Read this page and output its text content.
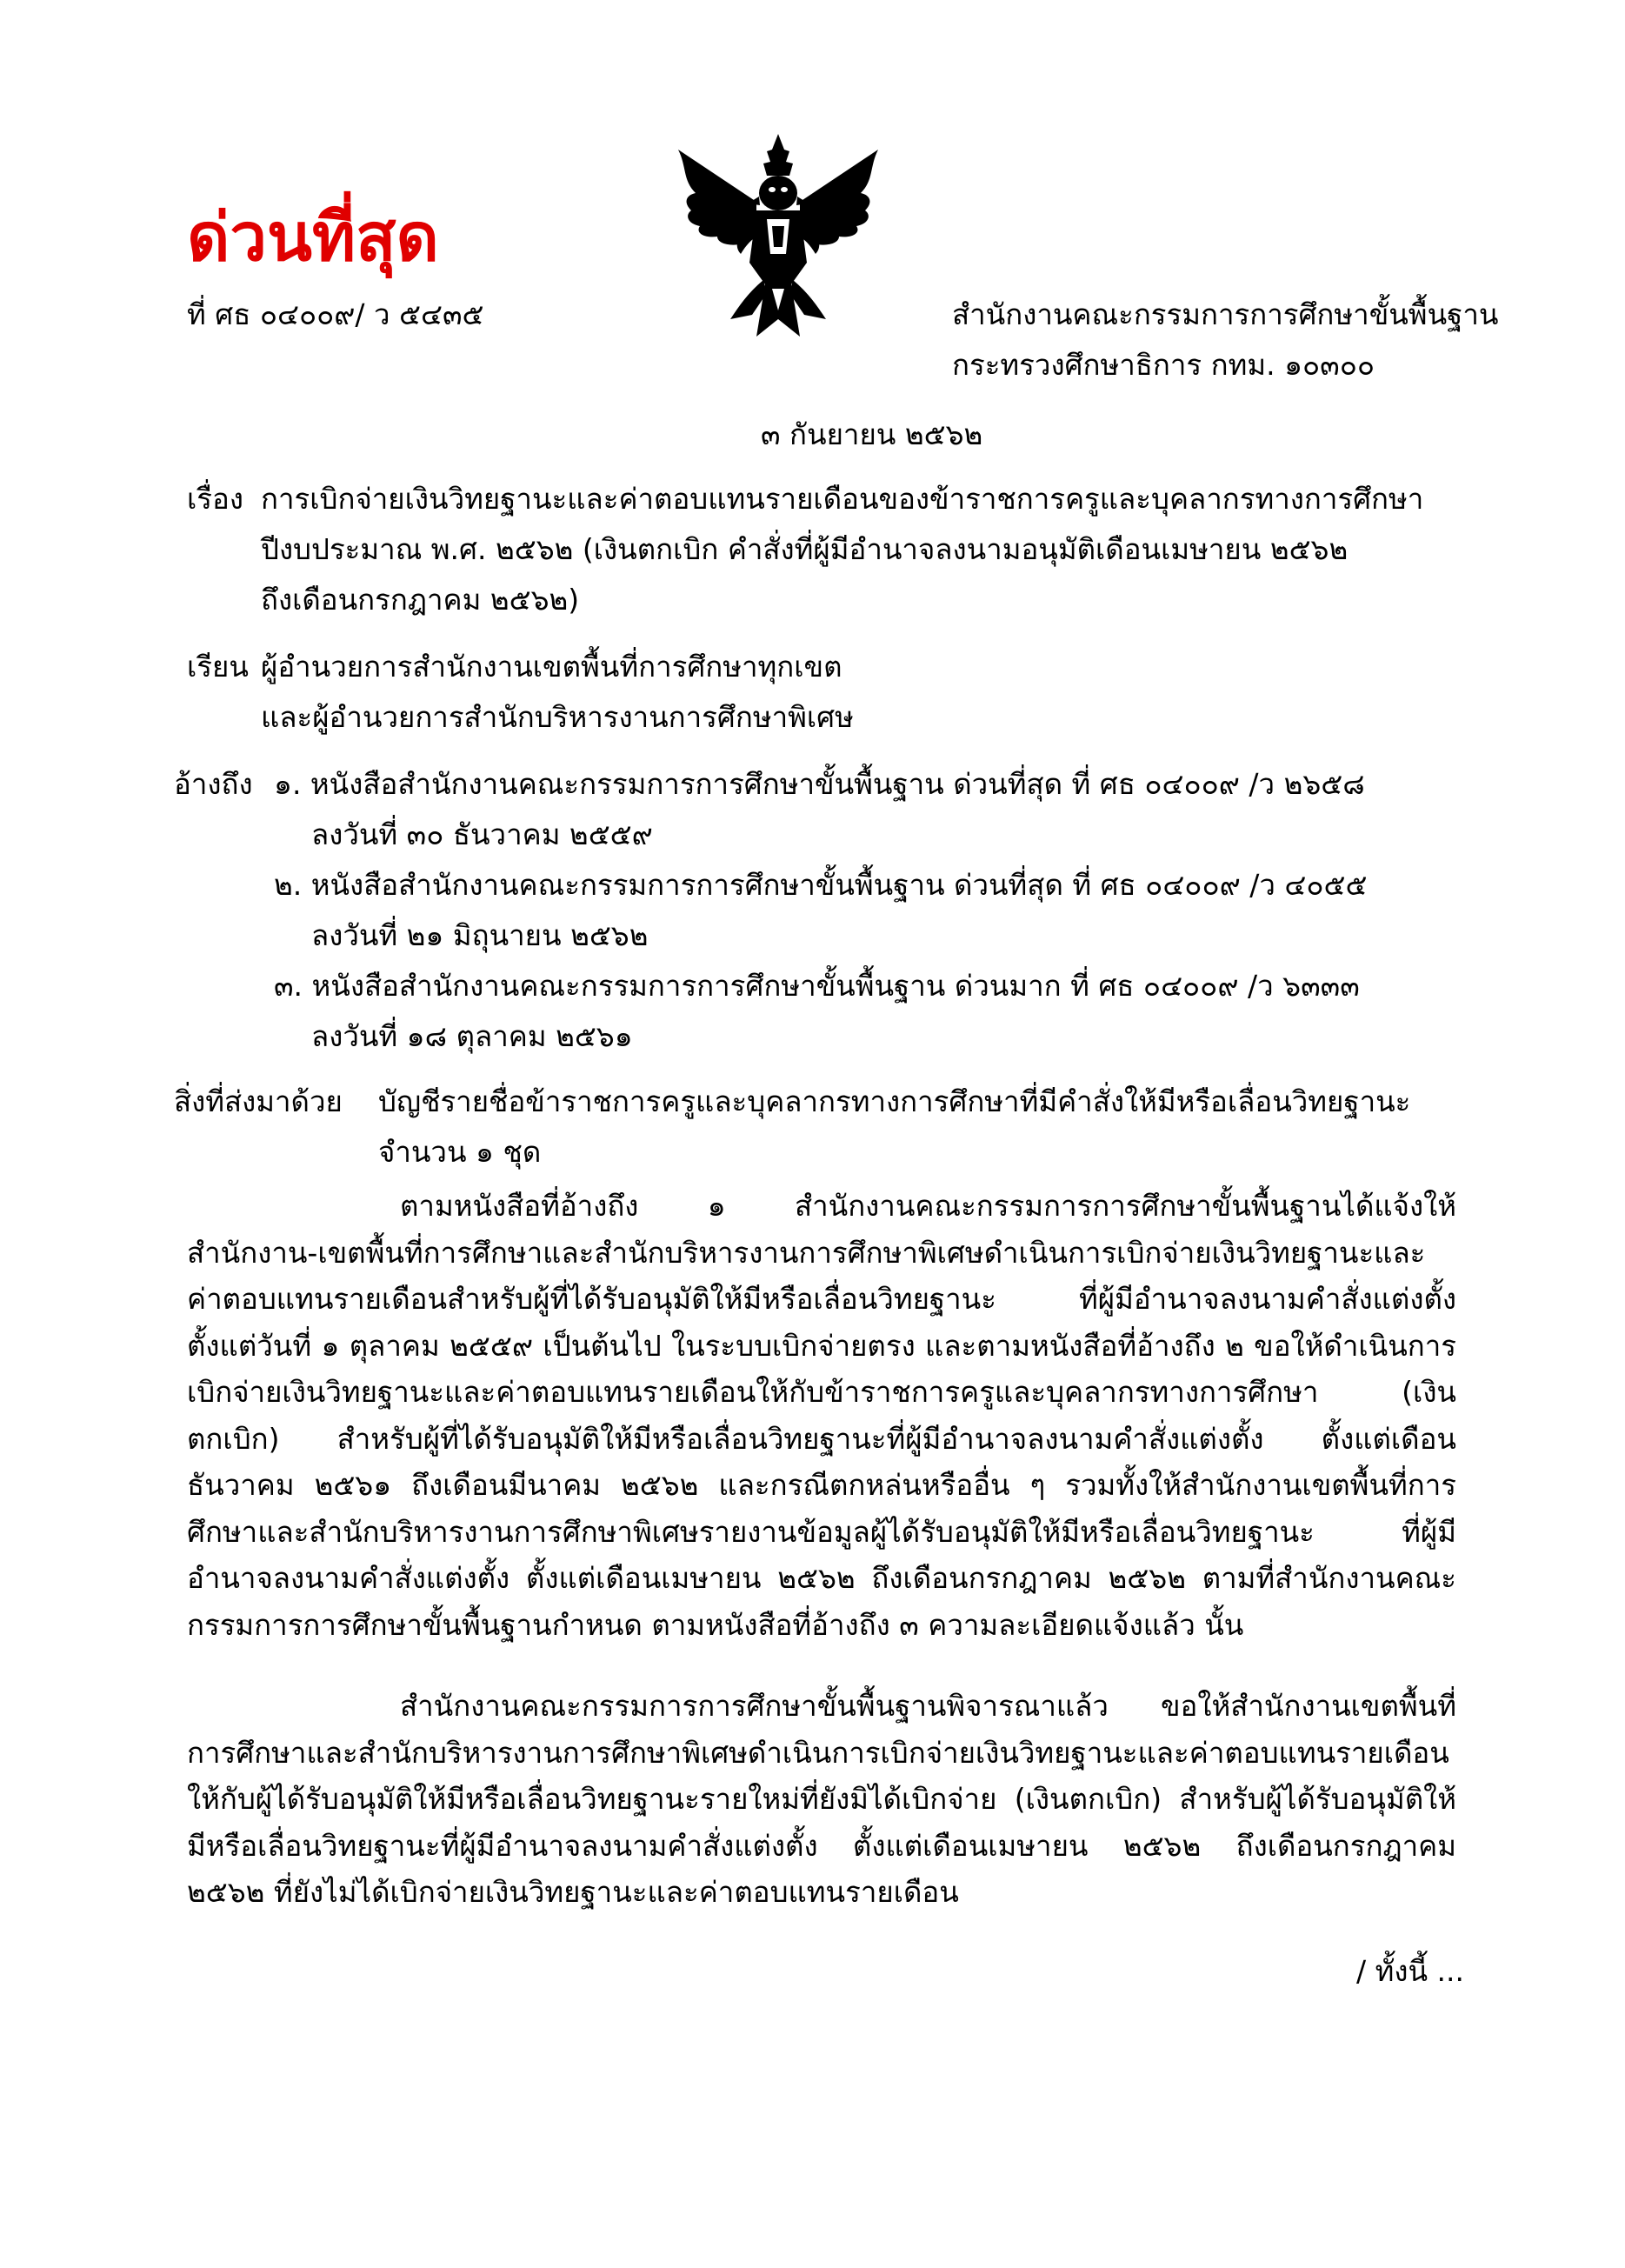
ด่วนที่สุด
ที่ ศธ ๐๔๐๐๙/ ว ๕๔๓๕	สำนักงานคณะกรรมการการศึกษาขั้นพื้นฐาน
กระทรวงศึกษาธิการ กทม. ๑๐๓๐๐
๓ กันยายน ๒๕๖๒
เรื่อง การเบิกจ่ายเงินวิทยฐานะและค่าตอบแทนรายเดือนของข้าราชการครูและบุคลากรทางการศึกษา
ปีงบประมาณ พ.ศ. ๒๕๖๒ (เงินตกเบิก คำสั่งที่ผู้มีอำนาจลงนามอนุมัติเดือนเมษายน ๒๕๖๒
ถึงเดือนกรกฎาคม ๒๕๖๒)
เรียน ผู้อำนวยการสำนักงานเขตพื้นที่การศึกษาทุกเขต
และผู้อำนวยการสำนักบริหารงานการศึกษาพิเศษ
อ้างถึง ๑. หนังสือสำนักงานคณะกรรมการการศึกษาขั้นพื้นฐาน ด่วนที่สุด ที่ ศธ ๐๔๐๐๙ /ว ๒๖๕๘
ลงวันที่ ๓๐ ธันวาคม ๒๕๕๙
๒. หนังสือสำนักงานคณะกรรมการการศึกษาขั้นพื้นฐาน ด่วนที่สุด ที่ ศธ ๐๔๐๐๙ /ว ๔๐๕๕
ลงวันที่ ๒๑ มิถุนายน ๒๕๖๒
๓. หนังสือสำนักงานคณะกรรมการการศึกษาขั้นพื้นฐาน ด่วนมาก ที่ ศธ ๐๔๐๐๙ /ว ๖๓๓๓
ลงวันที่ ๑๘ ตุลาคม ๒๕๖๑
สิ่งที่ส่งมาด้วย บัญชีรายชื่อข้าราชการครูและบุคลากรทางการศึกษาที่มีคำสั่งให้มีหรือเลื่อนวิทยฐานะ
จำนวน ๑ ชุด

ตามหนังสือที่อ้างถึง ๑ สำนักงานคณะกรรมการการศึกษาขั้นพื้นฐานได้แจ้งให้สำนักงาน-เขตพื้นที่การศึกษาและสำนักบริหารงานการศึกษาพิเศษดำเนินการเบิกจ่ายเงินวิทยฐานะและค่าตอบแทนรายเดือนสำหรับผู้ที่ได้รับอนุมัติให้มีหรือเลื่อนวิทยฐานะ ที่ผู้มีอำนาจลงนามคำสั่งแต่งตั้ง ตั้งแต่วันที่ ๑ ตุลาคม ๒๕๕๙ เป็นต้นไป ในระบบเบิกจ่ายตรง และตามหนังสือที่อ้างถึง ๒ ขอให้ดำเนินการเบิกจ่ายเงินวิทยฐานะและค่าตอบแทนรายเดือนให้กับข้าราชการครูและบุคลากรทางการศึกษา (เงินตกเบิก) สำหรับผู้ที่ได้รับอนุมัติให้มีหรือเลื่อนวิทยฐานะที่ผู้มีอำนาจลงนามคำสั่งแต่งตั้ง ตั้งแต่เดือนธันวาคม ๒๕๖๑ ถึงเดือนมีนาคม ๒๕๖๒ และกรณีตกหล่นหรืออื่น ๆ รวมทั้งให้สำนักงานเขตพื้นที่การศึกษาและสำนักบริหารงานการศึกษาพิเศษรายงานข้อมูลผู้ได้รับอนุมัติให้มีหรือเลื่อนวิทยฐานะ ที่ผู้มีอำนาจลงนามคำสั่งแต่งตั้ง ตั้งแต่เดือนเมษายน ๒๕๖๒ ถึงเดือนกรกฎาคม ๒๕๖๒ ตามที่สำนักงานคณะกรรมการการศึกษาขั้นพื้นฐานกำหนด ตามหนังสือที่อ้างถึง ๓ ความละเอียดแจ้งแล้ว นั้น

สำนักงานคณะกรรมการการศึกษาขั้นพื้นฐานพิจารณาแล้ว ขอให้สำนักงานเขตพื้นที่การศึกษาและสำนักบริหารงานการศึกษาพิเศษดำเนินการเบิกจ่ายเงินวิทยฐานะและค่าตอบแทนรายเดือนให้กับผู้ได้รับอนุมัติให้มีหรือเลื่อนวิทยฐานะรายใหม่ที่ยังมิได้เบิกจ่าย (เงินตกเบิก) สำหรับผู้ได้รับอนุมัติให้มีหรือเลื่อนวิทยฐานะที่ผู้มีอำนาจลงนามคำสั่งแต่งตั้ง ตั้งแต่เดือนเมษายน ๒๕๖๒ ถึงเดือนกรกฎาคม ๒๕๖๒ ที่ยังไม่ได้เบิกจ่ายเงินวิทยฐานะและค่าตอบแทนรายเดือน

/ ทั้งนี้ ...
